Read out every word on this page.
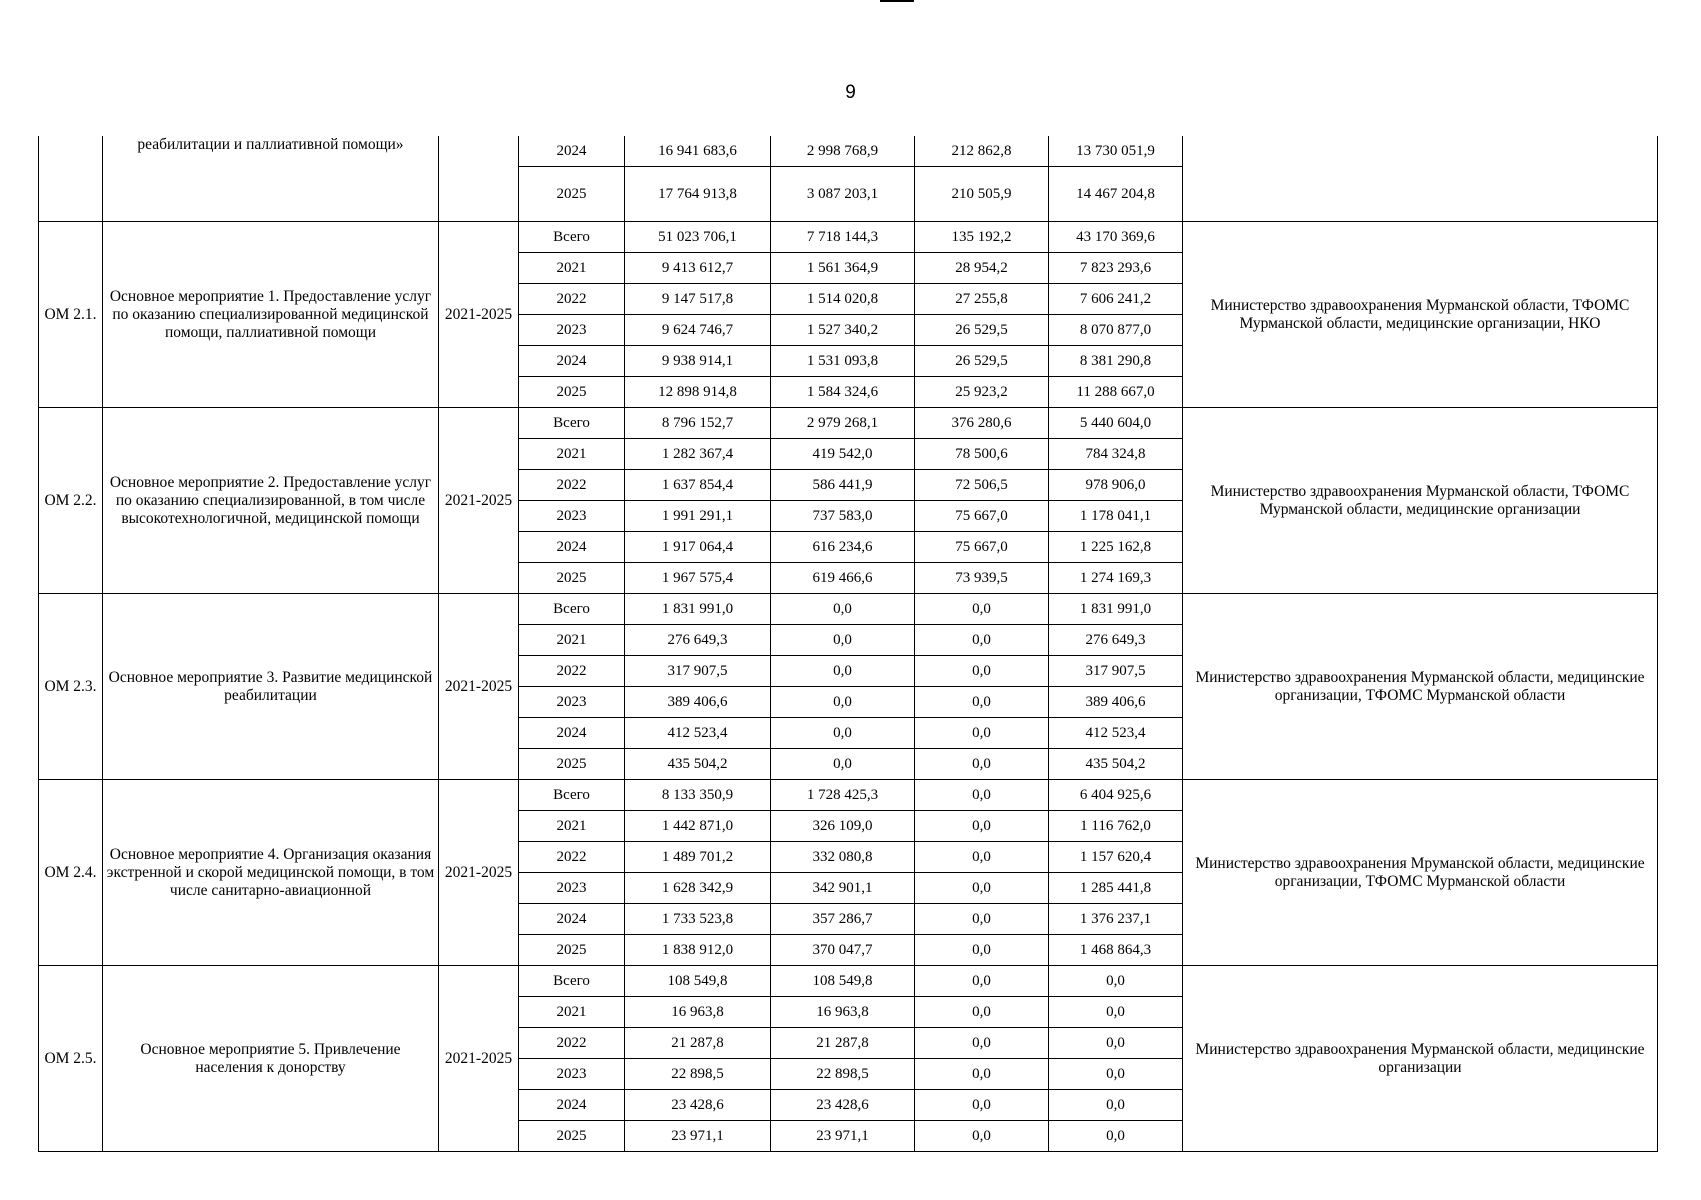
9
	реабилитации и паллиативной помощи»		2024	16 941 683,6	2 998 768,9	212 862,8	13 730 051,9	
			2025	17 764 913,8	3 087 203,1	210 505,9	14 467 204,8	
ОМ 2.1.	Основное мероприятие 1. Предоставление услуг по оказанию специализированной медицинской помощи, паллиативной помощи	2021-2025	Всего	51 023 706,1	7 718 144,3	135 192,2	43 170 369,6	Министерство здравоохранения Мурманской области, ТФОМС Мурманской области, медицинские организации, НКО
			2021	9 413 612,7	1 561 364,9	28 954,2	7 823 293,6	
			2022	9 147 517,8	1 514 020,8	27 255,8	7 606 241,2	
			2023	9 624 746,7	1 527 340,2	26 529,5	8 070 877,0	
			2024	9 938 914,1	1 531 093,8	26 529,5	8 381 290,8	
			2025	12 898 914,8	1 584 324,6	25 923,2	11 288 667,0	
ОМ 2.2.	Основное мероприятие 2. Предоставление услуг по оказанию специализированной, в том числе высокотехнологичной, медицинской помощи	2021-2025	Всего	8 796 152,7	2 979 268,1	376 280,6	5 440 604,0	Министерство здравоохранения Мурманской области, ТФОМС Мурманской области, медицинские организации
			2021	1 282 367,4	419 542,0	78 500,6	784 324,8	
			2022	1 637 854,4	586 441,9	72 506,5	978 906,0	
			2023	1 991 291,1	737 583,0	75 667,0	1 178 041,1	
			2024	1 917 064,4	616 234,6	75 667,0	1 225 162,8	
			2025	1 967 575,4	619 466,6	73 939,5	1 274 169,3	
ОМ 2.3.	Основное мероприятие 3. Развитие медицинской реабилитации	2021-2025	Всего	1 831 991,0	0,0	0,0	1 831 991,0	Министерство здравоохранения Мурманской области, медицинские организации, ТФОМС Мурманской области
			2021	276 649,3	0,0	0,0	276 649,3	
			2022	317 907,5	0,0	0,0	317 907,5	
			2023	389 406,6	0,0	0,0	389 406,6	
			2024	412 523,4	0,0	0,0	412 523,4	
			2025	435 504,2	0,0	0,0	435 504,2	
ОМ 2.4.	Основное мероприятие 4. Организация оказания экстренной и скорой медицинской помощи, в том числе санитарно-авиационной	2021-2025	Всего	8 133 350,9	1 728 425,3	0,0	6 404 925,6	Министерство здравоохранения Мруманской области, медицинские организации, ТФОМС Мурманской области
			2021	1 442 871,0	326 109,0	0,0	1 116 762,0	
			2022	1 489 701,2	332 080,8	0,0	1 157 620,4	
			2023	1 628 342,9	342 901,1	0,0	1 285 441,8	
			2024	1 733 523,8	357 286,7	0,0	1 376 237,1	
			2025	1 838 912,0	370 047,7	0,0	1 468 864,3	
ОМ 2.5.	Основное мероприятие 5. Привлечение населения к донорству	2021-2025	Всего	108 549,8	108 549,8	0,0	0,0	Министерство здравоохранения Мурманской области, медицинские организации
			2021	16 963,8	16 963,8	0,0	0,0	
			2022	21 287,8	21 287,8	0,0	0,0	
			2023	22 898,5	22 898,5	0,0	0,0	
			2024	23 428,6	23 428,6	0,0	0,0	
			2025	23 971,1	23 971,1	0,0	0,0	
